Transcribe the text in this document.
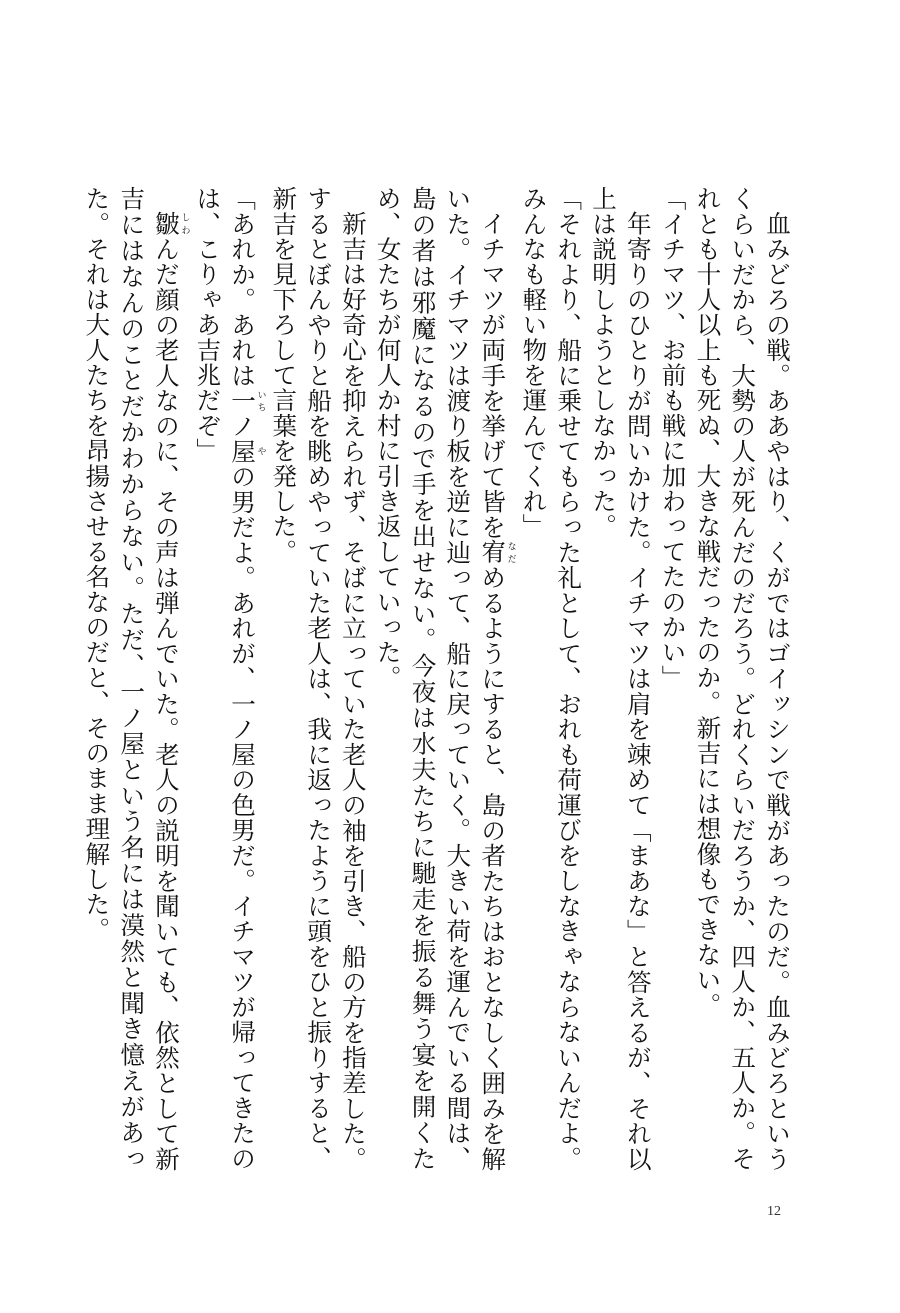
血みどろの戦。ああやはり、くがではゴイッシンで戦があったのだ。血みどろというくらいだから、大勢の人が死んだのだろう。どれくらいだろうか、四人か、五人か。それとも十人以上も死ぬ、大きな戦だったのか。新吉には想像もできない。

「イチマツ、お前も戦に加わってたのかい」

年寄りのひとりが問いかけた。イチマツは肩を竦めて「まあな」と答えるが、それ以上は説明しようとしなかった。

「それより、船に乗せてもらった礼として、おれも荷運びをしなきゃならないんだよ。みんなも軽い物を運んでくれ」

イチマツが両手を挙げて皆を宥なだめるようにすると、島の者たちはおとなしく囲みを解いた。イチマツは渡り板を逆に辿って、船に戻っていく。大きい荷を運んでいる間は、島の者は邪魔になるので手を出せない。今夜は水夫たちに馳走を振る舞う宴を開くため、女たちが何人か村に引き返していった。

新吉は好奇心を抑えられず、そばに立っていた老人の袖を引き、船の方を指差した。するとぼんやりと船を眺めやっていた老人は、我に返ったように頭をひと振りすると、新吉を見下ろして言葉を発した。

「あれか。あれは一いちノ屋やの男だよ。あれが、一ノ屋の色男だ。イチマツが帰ってきたのは、こりゃあ吉兆だぞ」

皺しわんだ顔の老人なのに、その声は弾んでいた。老人の説明を聞いても、依然として新吉にはなんのことだかわからない。ただ、一ノ屋という名には漠然と聞き憶えがあった。それは大人たちを昂揚させる名なのだと、そのまま理解した。

12
